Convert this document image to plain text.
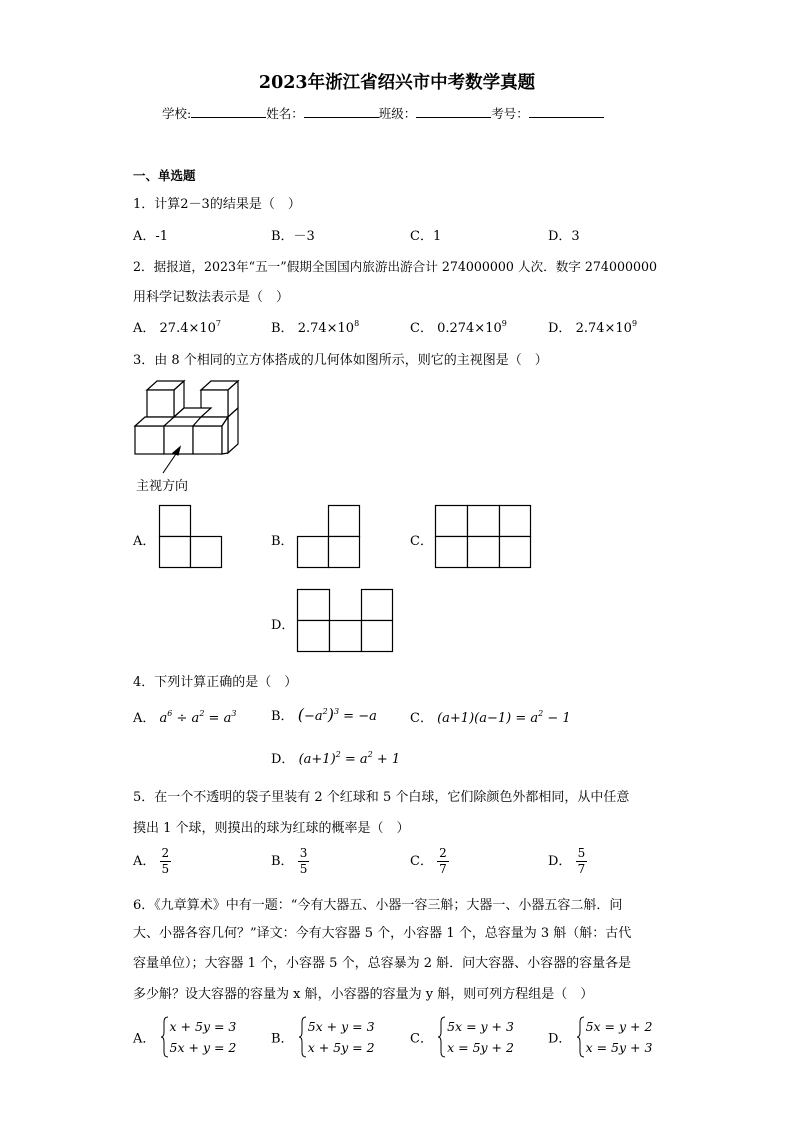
2023年浙江省绍兴市中考数学真题
学校:	姓名：	班级：	考号：
一、单选题
1．计算2－3的结果是（　）
A．-1	B．－3	C．1	D．3
2．据报道，2023年“五一”假期全国国内旅游出游合计 274000000 人次．数字 274000000
用科学记数法表示是（　）
A． $27.4\times 10^7$	B． $2.74\times 10^8$	C． $0.274\times 10^9$	D． $2.74\times 10^9$
3．由 8 个相同的立方体搭成的几何体如图所示，则它的主视图是（　）
主视方向
A．	B．	C．
D．
4．下列计算正确的是（　）
A． $a^6 \div a^2 = a^3$	B． $(-a^2)^3 = -a$	C． $(a+1)(a-1) = a^2 - 1$
D． $(a+1)^2 = a^2 + 1$
5．在一个不透明的袋子里装有 2 个红球和 5 个白球，它们除颜色外都相同，从中任意
摸出 1 个球，则摸出的球为红球的概率是（　）
A． $\frac{2}{5}$	B． $\frac{3}{5}$	C． $\frac{2}{7}$	D． $\frac{5}{7}$
6．《九章算术》中有一题：“今有大器五、小器一容三斛；大器一、小器五容二斛．问
大、小器各容几何？”译文：今有大容器 5 个，小容器 1 个，总容量为 3 斛（斛：古代
容量单位）；大容器 1 个，小容器 5 个，总容暴为 2 斛．问大容器、小容器的容量各是
多少斛？设大容器的容量为 x 斛，小容器的容量为 y 斛，则可列方程组是（　）
A．
x + 5y = 3
5x + y = 2
B．
5x + y = 3
x + 5y = 2
C．
5x = y + 3
x = 5y + 2
D．
5x = y + 2
x = 5y + 3
